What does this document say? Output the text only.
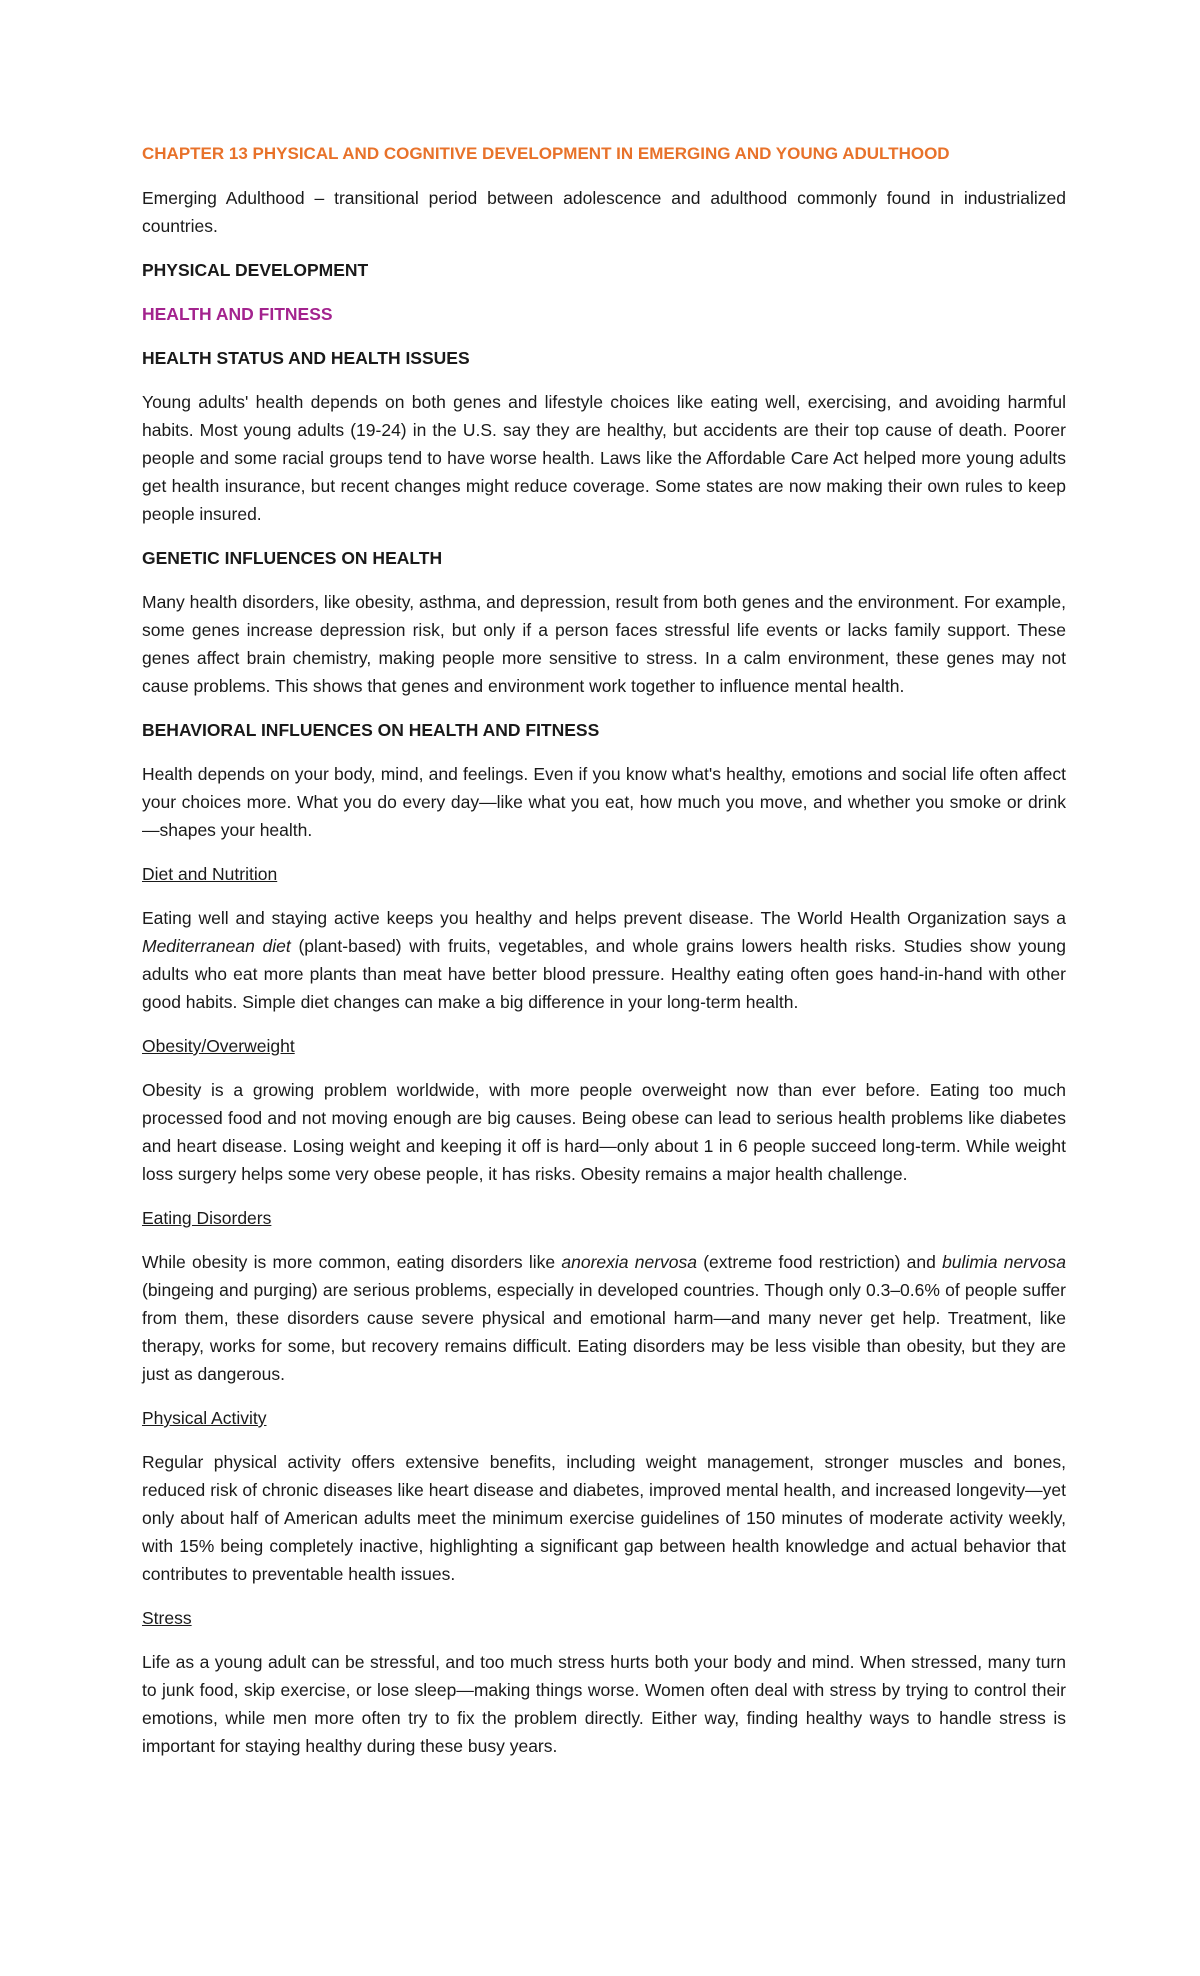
CHAPTER 13 PHYSICAL AND COGNITIVE DEVELOPMENT IN EMERGING AND YOUNG ADULTHOOD

Emerging Adulthood – transitional period between adolescence and adulthood commonly found in industrialized countries.

PHYSICAL DEVELOPMENT
HEALTH AND FITNESS
HEALTH STATUS AND HEALTH ISSUES

Young adults' health depends on both genes and lifestyle choices like eating well, exercising, and avoiding harmful habits. Most young adults (19-24) in the U.S. say they are healthy, but accidents are their top cause of death. Poorer people and some racial groups tend to have worse health. Laws like the Affordable Care Act helped more young adults get health insurance, but recent changes might reduce coverage. Some states are now making their own rules to keep people insured.

GENETIC INFLUENCES ON HEALTH

Many health disorders, like obesity, asthma, and depression, result from both genes and the environment. For example, some genes increase depression risk, but only if a person faces stressful life events or lacks family support. These genes affect brain chemistry, making people more sensitive to stress. In a calm environment, these genes may not cause problems. This shows that genes and environment work together to influence mental health.

BEHAVIORAL INFLUENCES ON HEALTH AND FITNESS

Health depends on your body, mind, and feelings. Even if you know what's healthy, emotions and social life often affect your choices more. What you do every day—like what you eat, how much you move, and whether you smoke or drink—shapes your health.

Diet and Nutrition

Eating well and staying active keeps you healthy and helps prevent disease. The World Health Organization says a Mediterranean diet (plant-based) with fruits, vegetables, and whole grains lowers health risks. Studies show young adults who eat more plants than meat have better blood pressure. Healthy eating often goes hand-in-hand with other good habits. Simple diet changes can make a big difference in your long-term health.

Obesity/Overweight

Obesity is a growing problem worldwide, with more people overweight now than ever before. Eating too much processed food and not moving enough are big causes. Being obese can lead to serious health problems like diabetes and heart disease. Losing weight and keeping it off is hard—only about 1 in 6 people succeed long-term. While weight loss surgery helps some very obese people, it has risks. Obesity remains a major health challenge.

Eating Disorders

While obesity is more common, eating disorders like anorexia nervosa (extreme food restriction) and bulimia nervosa (bingeing and purging) are serious problems, especially in developed countries. Though only 0.3–0.6% of people suffer from them, these disorders cause severe physical and emotional harm—and many never get help. Treatment, like therapy, works for some, but recovery remains difficult. Eating disorders may be less visible than obesity, but they are just as dangerous.

Physical Activity

Regular physical activity offers extensive benefits, including weight management, stronger muscles and bones, reduced risk of chronic diseases like heart disease and diabetes, improved mental health, and increased longevity—yet only about half of American adults meet the minimum exercise guidelines of 150 minutes of moderate activity weekly, with 15% being completely inactive, highlighting a significant gap between health knowledge and actual behavior that contributes to preventable health issues.

Stress

Life as a young adult can be stressful, and too much stress hurts both your body and mind. When stressed, many turn to junk food, skip exercise, or lose sleep—making things worse. Women often deal with stress by trying to control their emotions, while men more often try to fix the problem directly. Either way, finding healthy ways to handle stress is important for staying healthy during these busy years.
